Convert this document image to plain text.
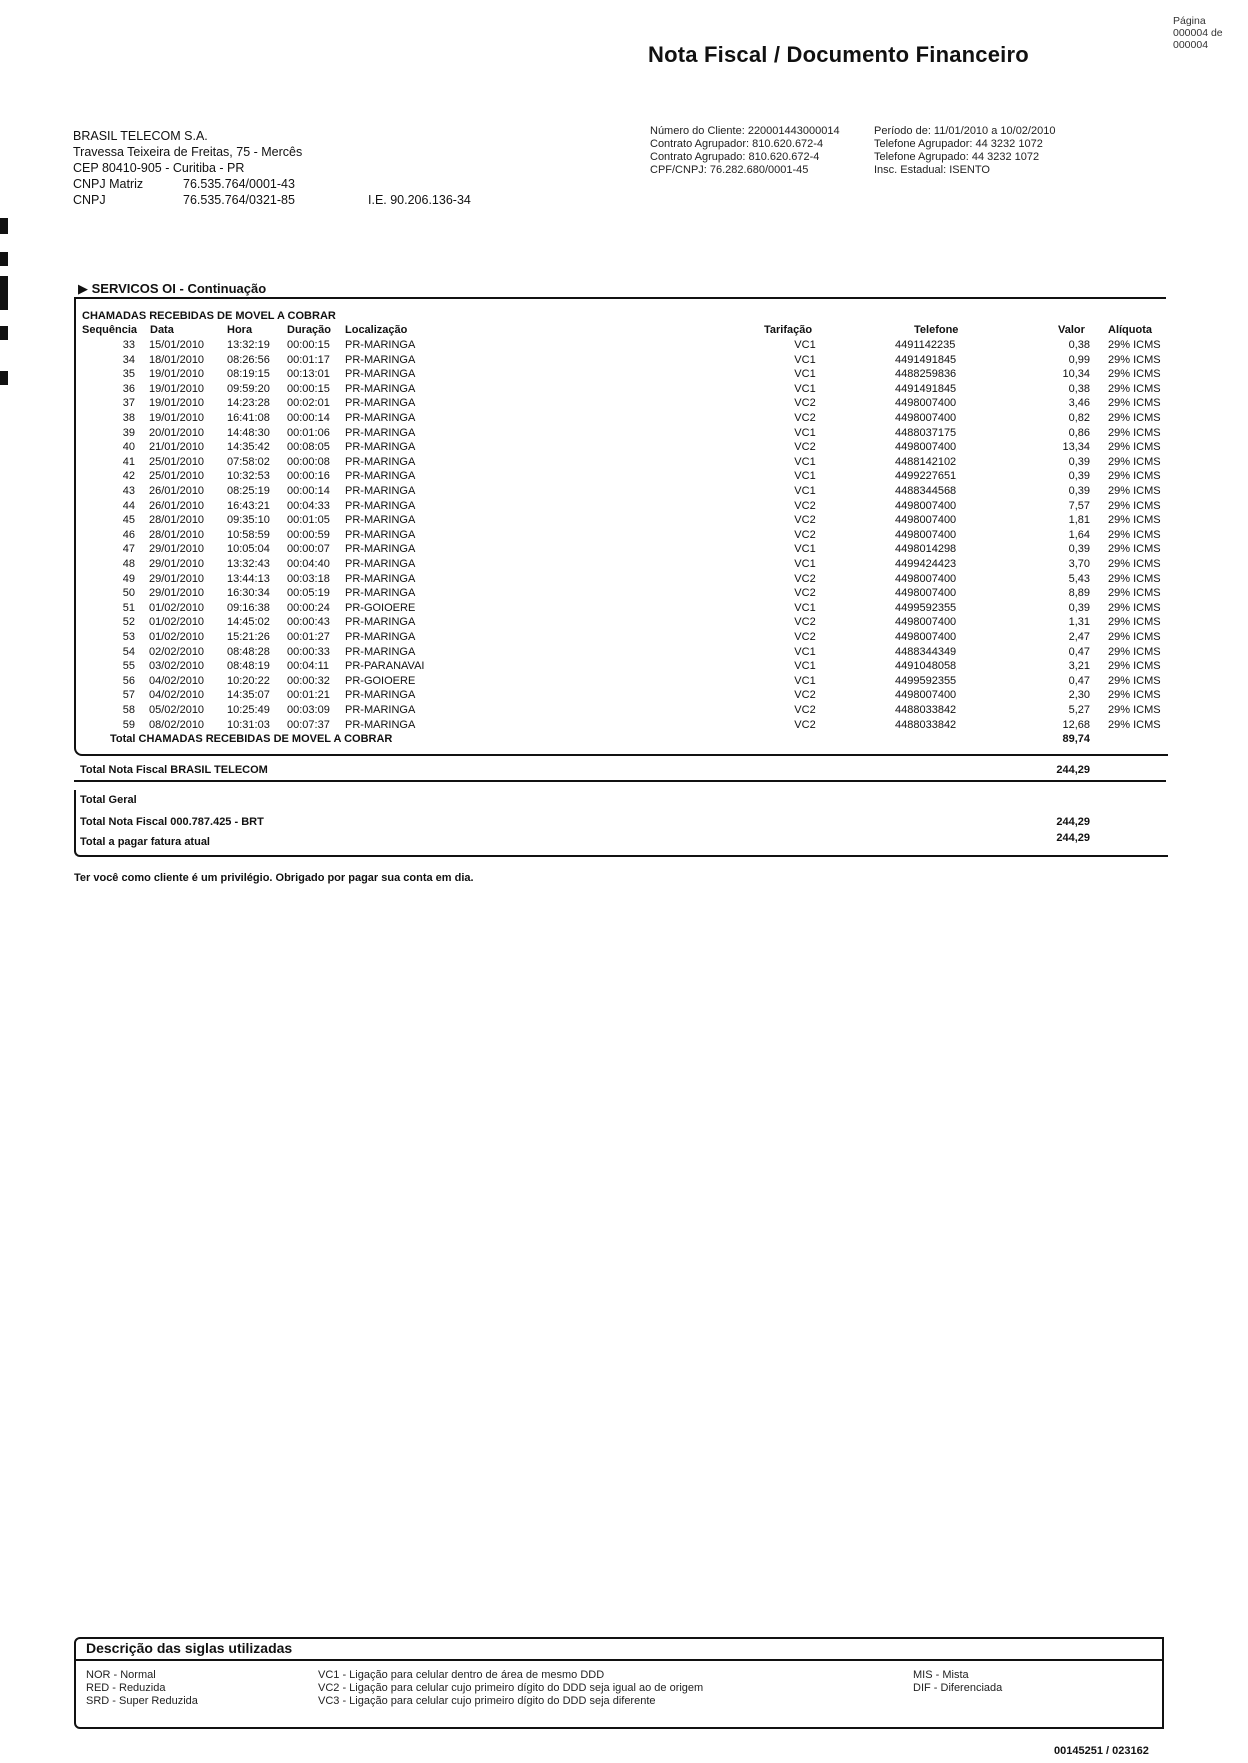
Nota Fiscal / Documento Financeiro
Página
000004 de
000004
BRASIL TELECOM S.A.
Travessa Teixeira de Freitas, 75 - Mercês
CEP 80410-905 - Curitiba - PR
CNPJ Matriz	76.535.764/0001-43
CNPJ	76.535.764/0321-85	I.E. 90.206.136-34
Número do Cliente: 220001443000014
Contrato Agrupador: 810.620.672-4
Contrato Agrupado: 810.620.672-4
CPF/CNPJ: 76.282.680/0001-45
Período de: 11/01/2010 a 10/02/2010
Telefone Agrupador: 44 3232 1072
Telefone Agrupado: 44 3232 1072
Insc. Estadual: ISENTO
▶ SERVICOS OI - Continuação
CHAMADAS RECEBIDAS DE MOVEL A COBRAR
Sequência Data	Hora	Duração Localização	Tarifação	Telefone	Valor Alíquota
33 15/01/2010 13:32:19 00:00:15 PR-MARINGA	VC1	4491142235	0,38 29% ICMS
34 18/01/2010 08:26:56 00:01:17 PR-MARINGA	VC1	4491491845	0,99 29% ICMS
35 19/01/2010 08:19:15 00:13:01 PR-MARINGA	VC1	4488259836	10,34 29% ICMS
36 19/01/2010 09:59:20 00:00:15 PR-MARINGA	VC1	4491491845	0,38 29% ICMS
37 19/01/2010 14:23:28 00:02:01 PR-MARINGA	VC2	4498007400	3,46 29% ICMS
38 19/01/2010 16:41:08 00:00:14 PR-MARINGA	VC2	4498007400	0,82 29% ICMS
39 20/01/2010 14:48:30 00:01:06 PR-MARINGA	VC1	4488037175	0,86 29% ICMS
40 21/01/2010 14:35:42 00:08:05 PR-MARINGA	VC2	4498007400	13,34 29% ICMS
41 25/01/2010 07:58:02 00:00:08 PR-MARINGA	VC1	4488142102	0,39 29% ICMS
42 25/01/2010 10:32:53 00:00:16 PR-MARINGA	VC1	4499227651	0,39 29% ICMS
43 26/01/2010 08:25:19 00:00:14 PR-MARINGA	VC1	4488344568	0,39 29% ICMS
44 26/01/2010 16:43:21 00:04:33 PR-MARINGA	VC2	4498007400	7,57 29% ICMS
45 28/01/2010 09:35:10 00:01:05 PR-MARINGA	VC2	4498007400	1,81 29% ICMS
46 28/01/2010 10:58:59 00:00:59 PR-MARINGA	VC2	4498007400	1,64 29% ICMS
47 29/01/2010 10:05:04 00:00:07 PR-MARINGA	VC1	4498014298	0,39 29% ICMS
48 29/01/2010 13:32:43 00:04:40 PR-MARINGA	VC1	4499424423	3,70 29% ICMS
49 29/01/2010 13:44:13 00:03:18 PR-MARINGA	VC2	4498007400	5,43 29% ICMS
50 29/01/2010 16:30:34 00:05:19 PR-MARINGA	VC2	4498007400	8,89 29% ICMS
51 01/02/2010 09:16:38 00:00:24 PR-GOIOERE	VC1	4499592355	0,39 29% ICMS
52 01/02/2010 14:45:02 00:00:43 PR-MARINGA	VC2	4498007400	1,31 29% ICMS
53 01/02/2010 15:21:26 00:01:27 PR-MARINGA	VC2	4498007400	2,47 29% ICMS
54 02/02/2010 08:48:28 00:00:33 PR-MARINGA	VC1	4488344349	0,47 29% ICMS
55 03/02/2010 08:48:19 00:04:11 PR-PARANAVAI	VC1	4491048058	3,21 29% ICMS
56 04/02/2010 10:20:22 00:00:32 PR-GOIOERE	VC1	4499592355	0,47 29% ICMS
57 04/02/2010 14:35:07 00:01:21 PR-MARINGA	VC2	4498007400	2,30 29% ICMS
58 05/02/2010 10:25:49 00:03:09 PR-MARINGA	VC2	4488033842	5,27 29% ICMS
59 08/02/2010 10:31:03 00:07:37 PR-MARINGA	VC2	4488033842	12,68 29% ICMS
Total CHAMADAS RECEBIDAS DE MOVEL A COBRAR	89,74
Total Nota Fiscal BRASIL TELECOM	244,29
Total Geral
Total Nota Fiscal 000.787.425 - BRT	244,29
Total a pagar fatura atual	244,29
Ter você como cliente é um privilégio. Obrigado por pagar sua conta em dia.
Descrição das siglas utilizadas
NOR - Normal
RED - Reduzida
SRD - Super Reduzida
VC1 - Ligação para celular dentro de área de mesmo DDD
VC2 - Ligação para celular cujo primeiro dígito do DDD seja igual ao de origem
VC3 - Ligação para celular cujo primeiro dígito do DDD seja diferente
MIS - Mista
DIF - Diferenciada
00145251 / 023162
